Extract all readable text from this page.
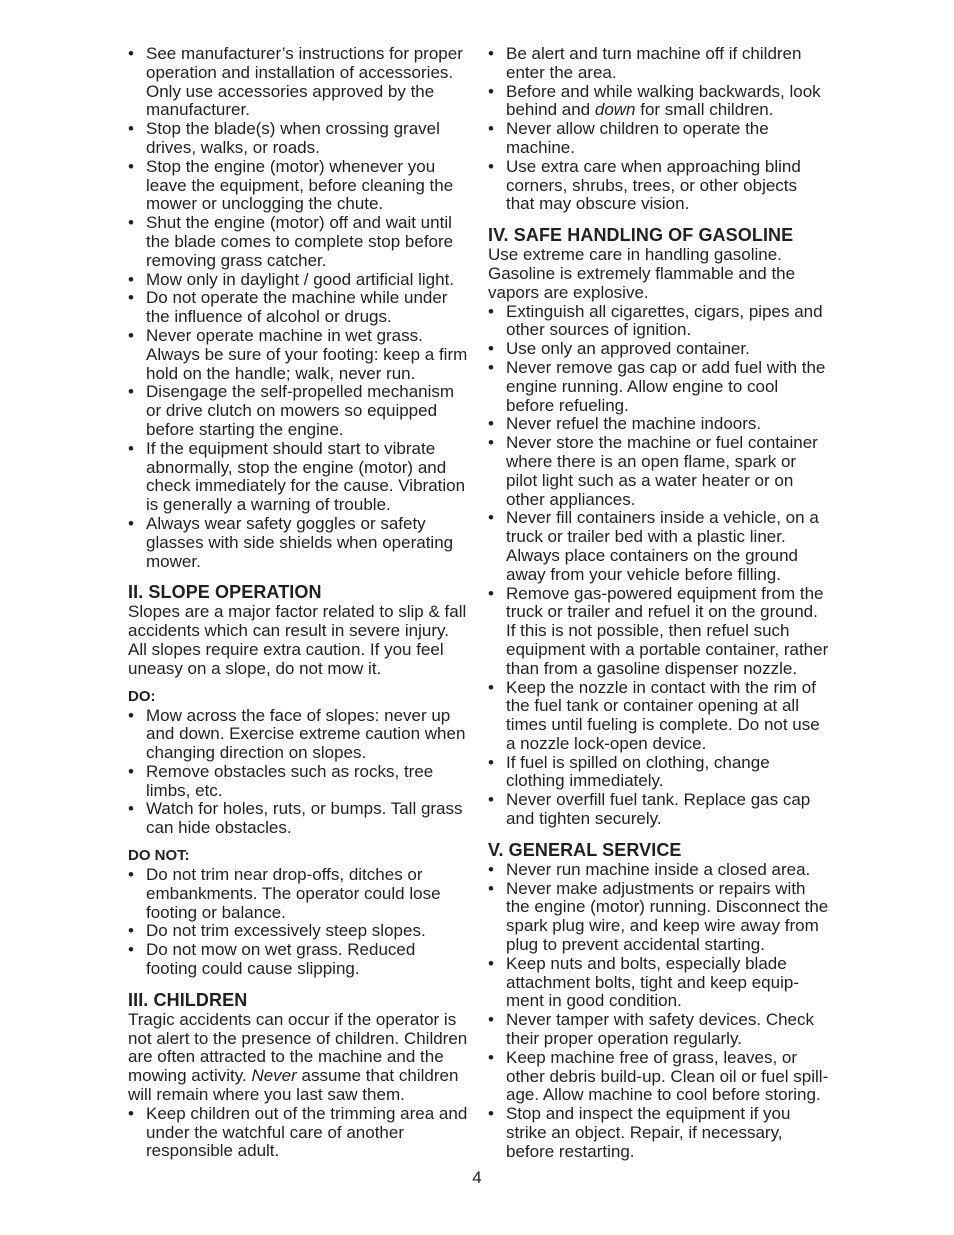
• See manufacturer’s instructions for proper operation and installation of accessories. Only use accessories approved by the manufacturer.
• Stop the blade(s) when crossing gravel drives, walks, or roads.
• Stop the engine (motor) whenever you leave the equipment, before cleaning the mower or unclogging the chute.
• Shut the engine (motor) off and wait until the blade comes to complete stop before removing grass catcher.
• Mow only in daylight / good artificial light.
• Do not operate the machine while under the influence of alcohol or drugs.
• Never operate machine in wet grass. Always be sure of your footing: keep a firm hold on the handle; walk, never run.
• Disengage the self-propelled mechanism or drive clutch on mowers so equipped before starting the engine.
• If the equipment should start to vibrate abnormally, stop the engine (motor) and check immediately for the cause. Vibration is generally a warning of trouble.
• Always wear safety goggles or safety glasses with side shields when operating mower.
II. SLOPE OPERATION

Slopes are a major factor related to slip & fall accidents which can result in severe injury. All slopes require extra caution. If you feel uneasy on a slope, do not mow it.

DO:
• Mow across the face of slopes: never up and down. Exercise extreme caution when changing direction on slopes.
• Remove obstacles such as rocks, tree limbs, etc.
• Watch for holes, ruts, or bumps. Tall grass can hide obstacles.
DO NOT:
• Do not trim near drop-offs, ditches or embankments. The operator could lose footing or balance.
• Do not trim excessively steep slopes.
• Do not mow on wet grass. Reduced footing could cause slipping.
III. CHILDREN

Tragic accidents can occur if the operator is not alert to the presence of children. Children are often attracted to the machine and the mowing activity. Never assume that children will remain where you last saw them.

• Keep children out of the trimming area and under the watchful care of another responsible adult.
• Be alert and turn machine off if children enter the area.
• Before and while walking backwards, look behind and down for small children.
• Never allow children to operate the machine.
• Use extra care when approaching blind corners, shrubs, trees, or other objects that may obscure vision.
IV. SAFE HANDLING OF GASOLINE

Use extreme care in handling gasoline. Gasoline is extremely flammable and the vapors are explosive.

• Extinguish all cigarettes, cigars, pipes and other sources of ignition.
• Use only an approved container.
• Never remove gas cap or add fuel with the engine running. Allow engine to cool before refueling.
• Never refuel the machine indoors.
• Never store the machine or fuel container where there is an open flame, spark or pilot light such as a water heater or on other appliances.
• Never fill containers inside a vehicle, on a truck or trailer bed with a plastic liner. Always place containers on the ground away from your vehicle before filling.
• Remove gas-powered equipment from the truck or trailer and refuel it on the ground. If this is not possible, then refuel such equipment with a portable container, rather than from a gasoline dispenser nozzle.
• Keep the nozzle in contact with the rim of the fuel tank or container opening at all times until fueling is complete. Do not use a nozzle lock-open device.
• If fuel is spilled on clothing, change clothing immediately.
• Never overfill fuel tank. Replace gas cap and tighten securely.
V. GENERAL SERVICE
• Never run machine inside a closed area.
• Never make adjustments or repairs with the engine (motor) running. Disconnect the spark plug wire, and keep wire away from plug to prevent accidental starting.
• Keep nuts and bolts, especially blade attachment bolts, tight and keep equipment in good condition.
• Never tamper with safety devices. Check their proper operation regularly.
• Keep machine free of grass, leaves, or other debris build-up. Clean oil or fuel spillage. Allow machine to cool before storing.
• Stop and inspect the equipment if you strike an object. Repair, if necessary, before restarting.
4
